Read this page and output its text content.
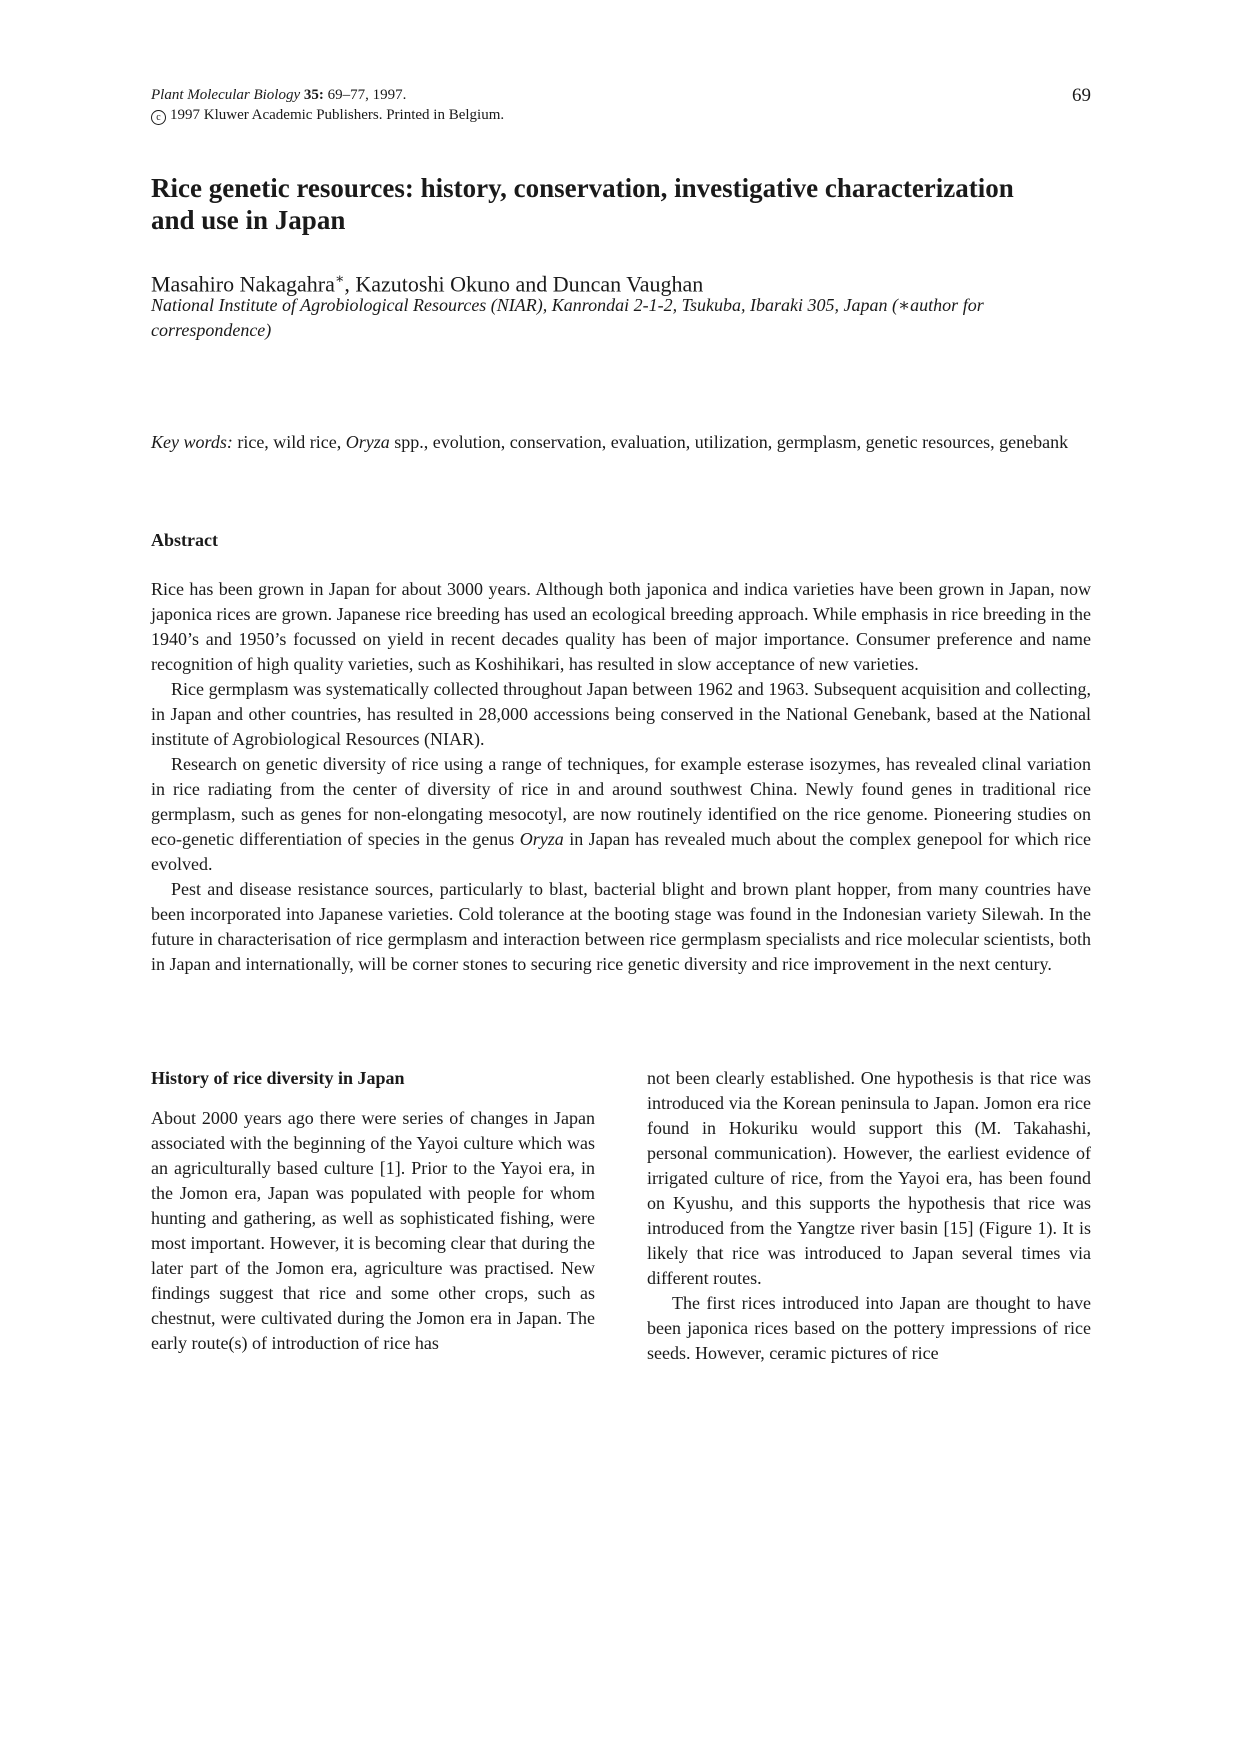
Plant Molecular Biology 35: 69–77, 1997.
c 1997 Kluwer Academic Publishers. Printed in Belgium.
69
Rice genetic resources: history, conservation, investigative characterization
and use in Japan
Masahiro Nakagahra∗, Kazutoshi Okuno and Duncan Vaughan
National Institute of Agrobiological Resources (NIAR), Kanrondai 2-1-2, Tsukuba, Ibaraki 305, Japan (∗author for correspondence)
Key words: rice, wild rice, Oryza spp., evolution, conservation, evaluation, utilization, germplasm, genetic resources, genebank
Abstract

Rice has been grown in Japan for about 3000 years. Although both japonica and indica varieties have been grown in Japan, now japonica rices are grown. Japanese rice breeding has used an ecological breeding approach. While emphasis in rice breeding in the 1940’s and 1950’s focussed on yield in recent decades quality has been of major importance. Consumer preference and name recognition of high quality varieties, such as Koshihikari, has resulted in slow acceptance of new varieties.

Rice germplasm was systematically collected throughout Japan between 1962 and 1963. Subsequent acquisition and collecting, in Japan and other countries, has resulted in 28,000 accessions being conserved in the National Genebank, based at the National institute of Agrobiological Resources (NIAR).

Research on genetic diversity of rice using a range of techniques, for example esterase isozymes, has revealed clinal variation in rice radiating from the center of diversity of rice in and around southwest China. Newly found genes in traditional rice germplasm, such as genes for non-elongating mesocotyl, are now routinely identified on the rice genome. Pioneering studies on eco-genetic differentiation of species in the genus Oryza in Japan has revealed much about the complex genepool for which rice evolved.

Pest and disease resistance sources, particularly to blast, bacterial blight and brown plant hopper, from many countries have been incorporated into Japanese varieties. Cold tolerance at the booting stage was found in the Indonesian variety Silewah. In the future in characterisation of rice germplasm and interaction between rice germplasm specialists and rice molecular scientists, both in Japan and internationally, will be corner stones to securing rice genetic diversity and rice improvement in the next century.

History of rice diversity in Japan

About 2000 years ago there were series of changes in Japan associated with the beginning of the Yayoi culture which was an agriculturally based culture [1]. Prior to the Yayoi era, in the Jomon era, Japan was populated with people for whom hunting and gathering, as well as sophisticated fishing, were most important. However, it is becoming clear that during the later part of the Jomon era, agriculture was practised. New findings suggest that rice and some other crops, such as chestnut, were cultivated during the Jomon era in Japan. The early route(s) of introduction of rice has

not been clearly established. One hypothesis is that rice was introduced via the Korean peninsula to Japan. Jomon era rice found in Hokuriku would support this (M. Takahashi, personal communication). However, the earliest evidence of irrigated culture of rice, from the Yayoi era, has been found on Kyushu, and this supports the hypothesis that rice was introduced from the Yangtze river basin [15] (Figure 1). It is likely that rice was introduced to Japan several times via different routes.

The first rices introduced into Japan are thought to have been japonica rices based on the pottery impressions of rice seeds. However, ceramic pictures of rice
